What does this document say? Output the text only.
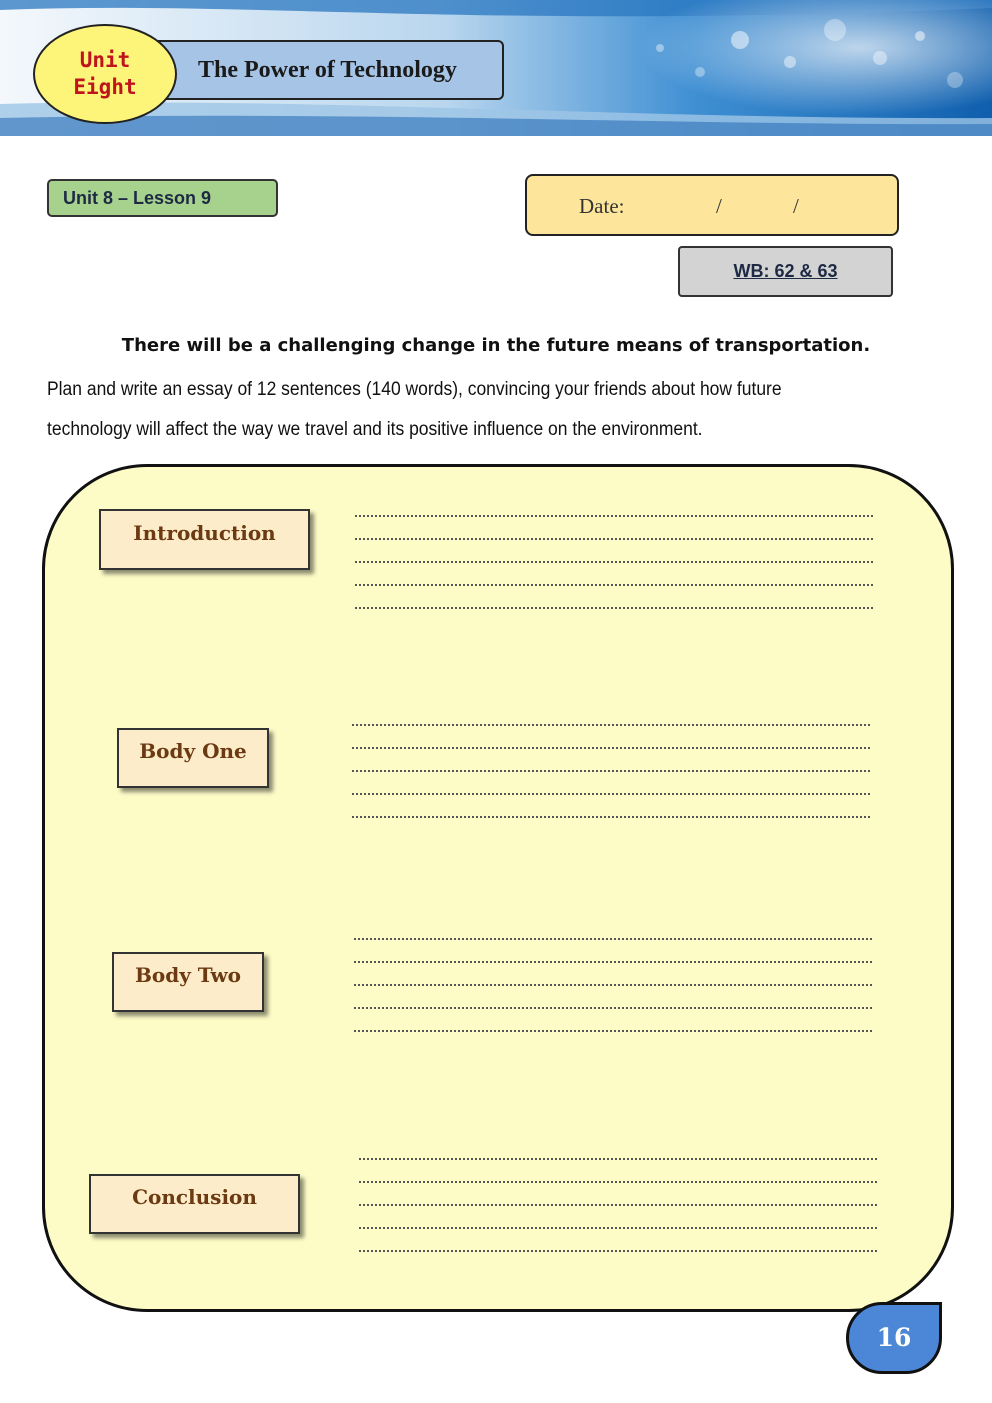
The Power of Technology
Unit
Eight
Unit 8 – Lesson 9	Date:	/	/
WB: 62 & 63
There will be a challenging change in the future means of transportation.
Plan and write an essay of 12 sentences (140 words), convincing your friends about how future
technology will affect the way we travel and its positive influence on the environment.
Introduction
Body One
Body Two
Conclusion
16
